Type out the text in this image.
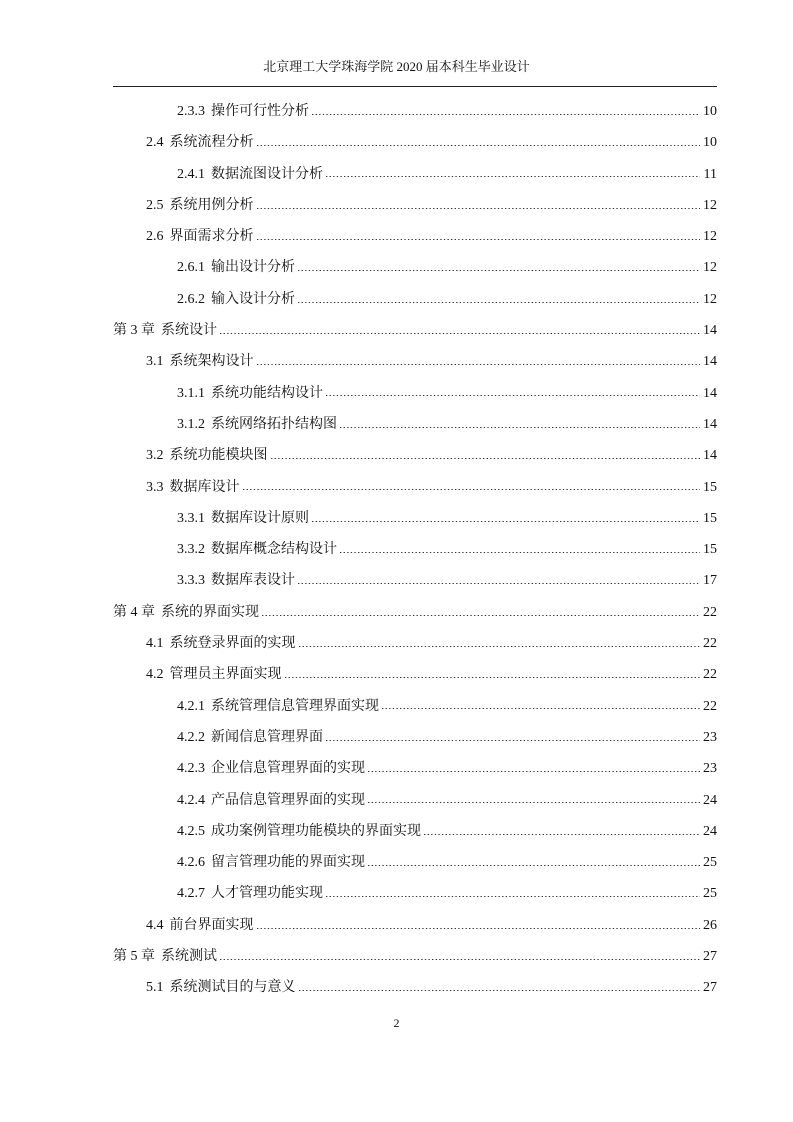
北京理工大学珠海学院 2020 届本科生毕业设计
2.3.3 操作可行性分析	10
2.4 系统流程分析	10
2.4.1 数据流图设计分析	11
2.5 系统用例分析	12
2.6 界面需求分析	12
2.6.1 输出设计分析	12
2.6.2 输入设计分析	12
第 3 章 系统设计	14
3.1 系统架构设计	14
3.1.1 系统功能结构设计	14
3.1.2 系统网络拓扑结构图	14
3.2 系统功能模块图	14
3.3 数据库设计	15
3.3.1 数据库设计原则	15
3.3.2 数据库概念结构设计	15
3.3.3 数据库表设计	17
第 4 章 系统的界面实现	22
4.1 系统登录界面的实现	22
4.2 管理员主界面实现	22
4.2.1 系统管理信息管理界面实现	22
4.2.2 新闻信息管理界面	23
4.2.3 企业信息管理界面的实现	23
4.2.4 产品信息管理界面的实现	24
4.2.5 成功案例管理功能模块的界面实现	24
4.2.6 留言管理功能的界面实现	25
4.2.7 人才管理功能实现	25
4.4 前台界面实现	26
第 5 章 系统测试	27
5.1 系统测试目的与意义	27
2
